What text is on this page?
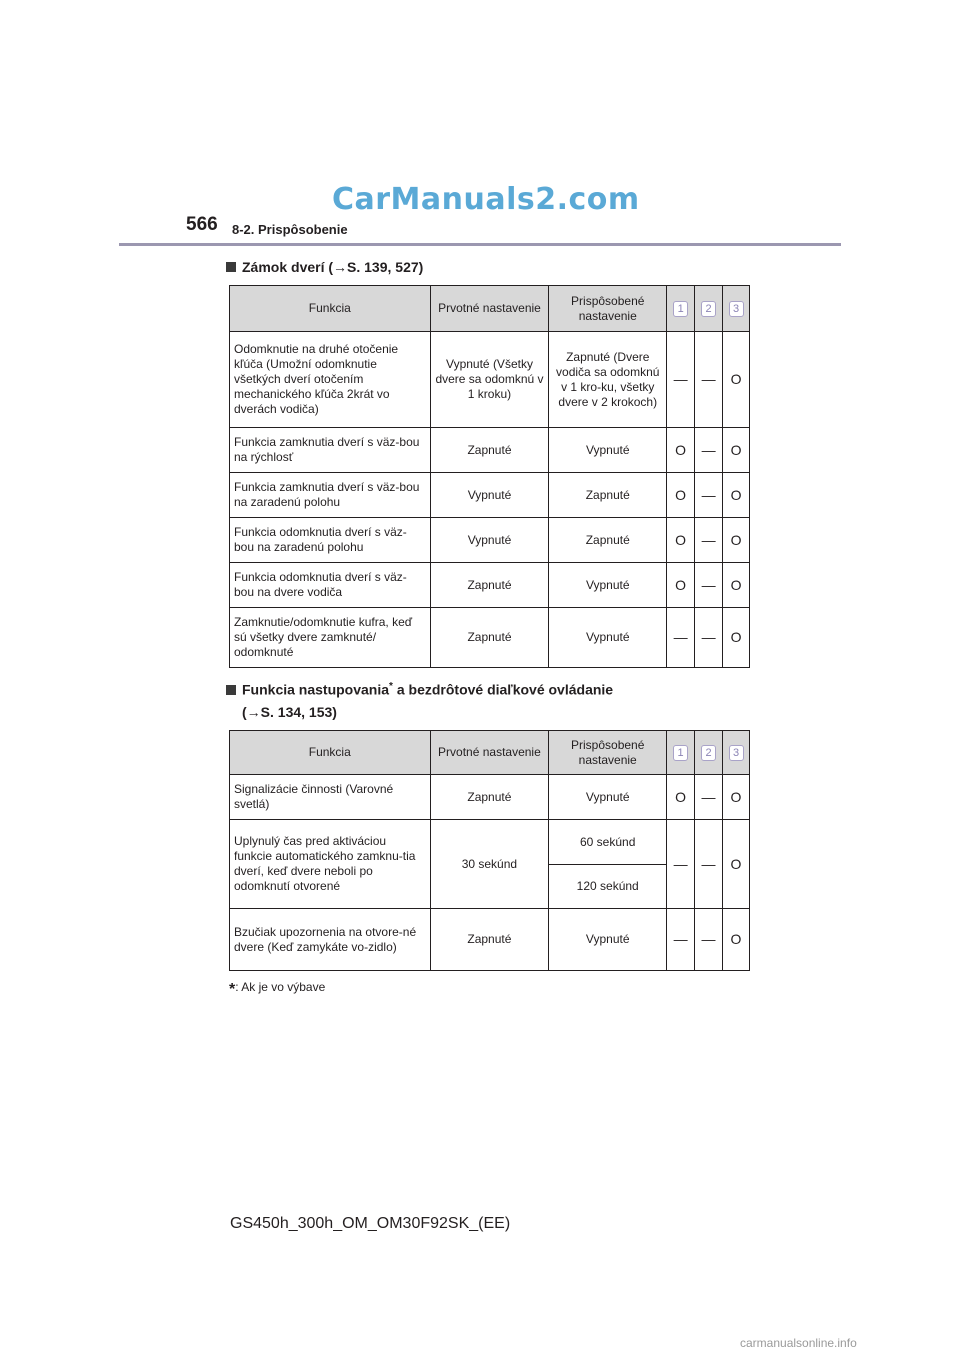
CarManuals2.com
566 8-2. Prispôsobenie
Zámok dverí (→S. 139, 527)
Funkcia	Prvotné nastavenie	Prispôsobené nastavenie	1	2	3
Odomknutie na druhé otočenie kľúča (Umožní odomknutie všetkých dverí otočením mechanického kľúča 2krát vo dverách vodiča)	Vypnuté (Všetky dvere sa odomknú v 1 kroku)	Zapnuté (Dvere vodiča sa odomknú v 1 kro-ku, všetky dvere v 2 krokoch)	—	—	O
Funkcia zamknutia dverí s väz-bou na rýchlosť	Zapnuté	Vypnuté	O	—	O
Funkcia zamknutia dverí s väz-bou na zaradenú polohu	Vypnuté	Zapnuté	O	—	O
Funkcia odomknutia dverí s väz-bou na zaradenú polohu	Vypnuté	Zapnuté	O	—	O
Funkcia odomknutia dverí s väz-bou na dvere vodiča	Zapnuté	Vypnuté	O	—	O
Zamknutie/odomknutie kufra, keď sú všetky dvere zamknuté/ odomknuté	Zapnuté	Vypnuté	—	—	O
Funkcia nastupovania* a bezdrôtové diaľkové ovládanie
(→S. 134, 153)
Funkcia	Prvotné nastavenie	Prispôsobené nastavenie	1	2	3
Signalizácie činnosti (Varovné svetlá)	Zapnuté	Vypnuté	O	—	O
Uplynulý čas pred aktiváciou funkcie automatického zamknu-tia dverí, keď dvere neboli po odomknutí otvorené	30 sekúnd	60 sekúnd	—	—	O
		120 sekúnd			
Bzučiak upozornenia na otvore-né dvere (Keď zamykáte vo-zidlo)	Zapnuté	Vypnuté	—	—	O
*: Ak je vo výbave
GS450h_300h_OM_OM30F92SK_(EE)
carmanualsonline.info
